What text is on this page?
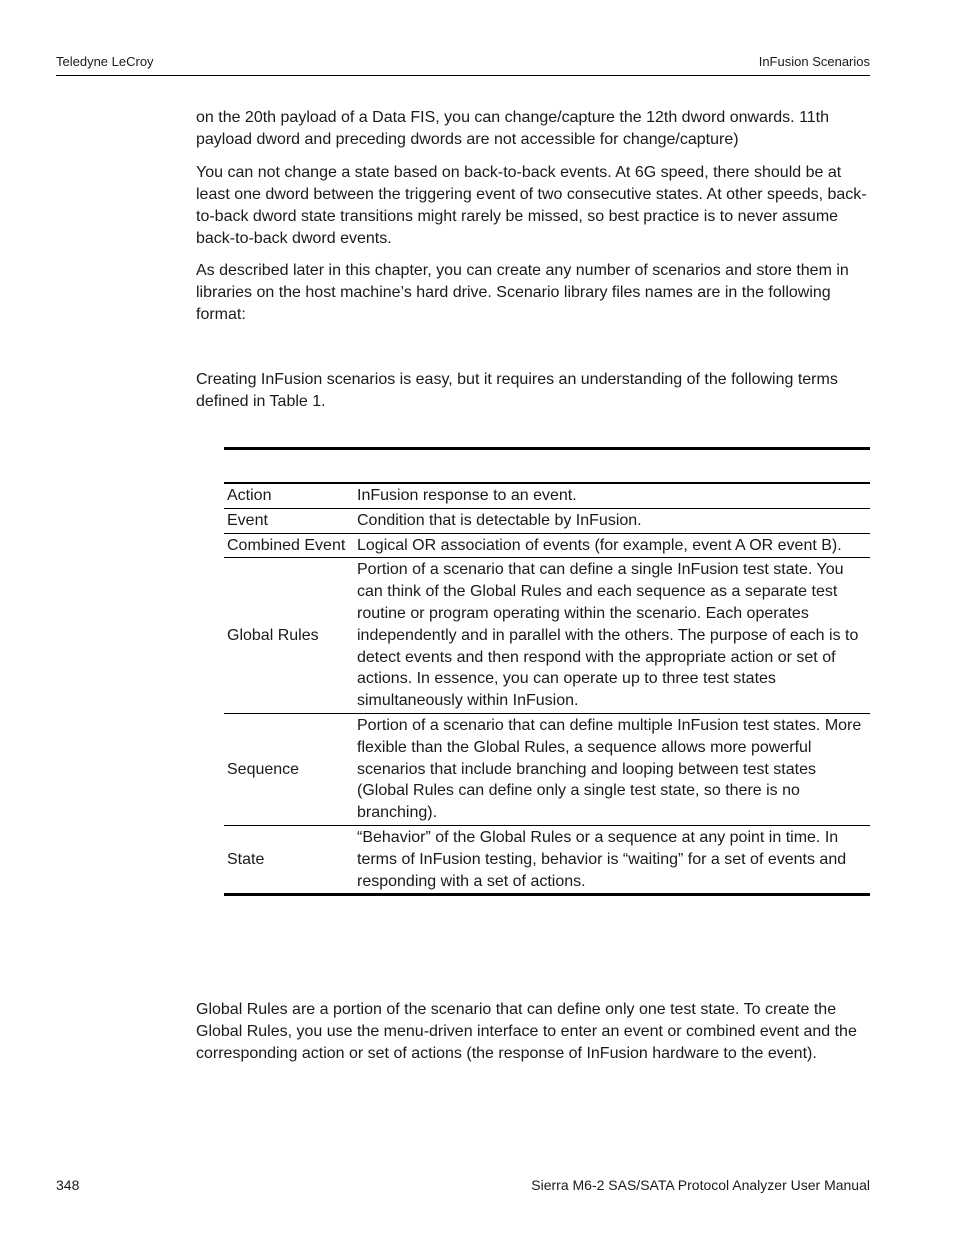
Teledyne LeCroy	InFusion Scenarios

on the 20th payload of a Data FIS, you can change/capture the 12th dword onwards. 11th payload dword and preceding dwords are not accessible for change/capture)

You can not change a state based on back-to-back events. At 6G speed, there should be at least one dword between the triggering event of two consecutive states. At other speeds, back-to-back dword state transitions might rarely be missed, so best practice is to never assume back-to-back dword events.

As described later in this chapter, you can create any number of scenarios and store them in libraries on the host machine’s hard drive. Scenario library files names are in the following format:

Creating InFusion scenarios is easy, but it requires an understanding of the following terms defined in Table 1.

Action	InFusion response to an event.
Event	Condition that is detectable by InFusion.
Combined Event	Logical OR association of events (for example, event A OR event B).
Global Rules	Portion of a scenario that can define a single InFusion test state. You can think of the Global Rules and each sequence as a separate test routine or program operating within the scenario. Each operates independently and in parallel with the others. The purpose of each is to detect events and then respond with the appropriate action or set of actions. In essence, you can operate up to three test states simultaneously within InFusion.
Sequence	Portion of a scenario that can define multiple InFusion test states. More flexible than the Global Rules, a sequence allows more powerful scenarios that include branching and looping between test states (Global Rules can define only a single test state, so there is no branching).
State	“Behavior” of the Global Rules or a sequence at any point in time. In terms of InFusion testing, behavior is “waiting” for a set of events and responding with a set of actions.

Global Rules are a portion of the scenario that can define only one test state. To create the Global Rules, you use the menu-driven interface to enter an event or combined event and the corresponding action or set of actions (the response of InFusion hardware to the event).

348	Sierra M6-2 SAS/SATA Protocol Analyzer User Manual
